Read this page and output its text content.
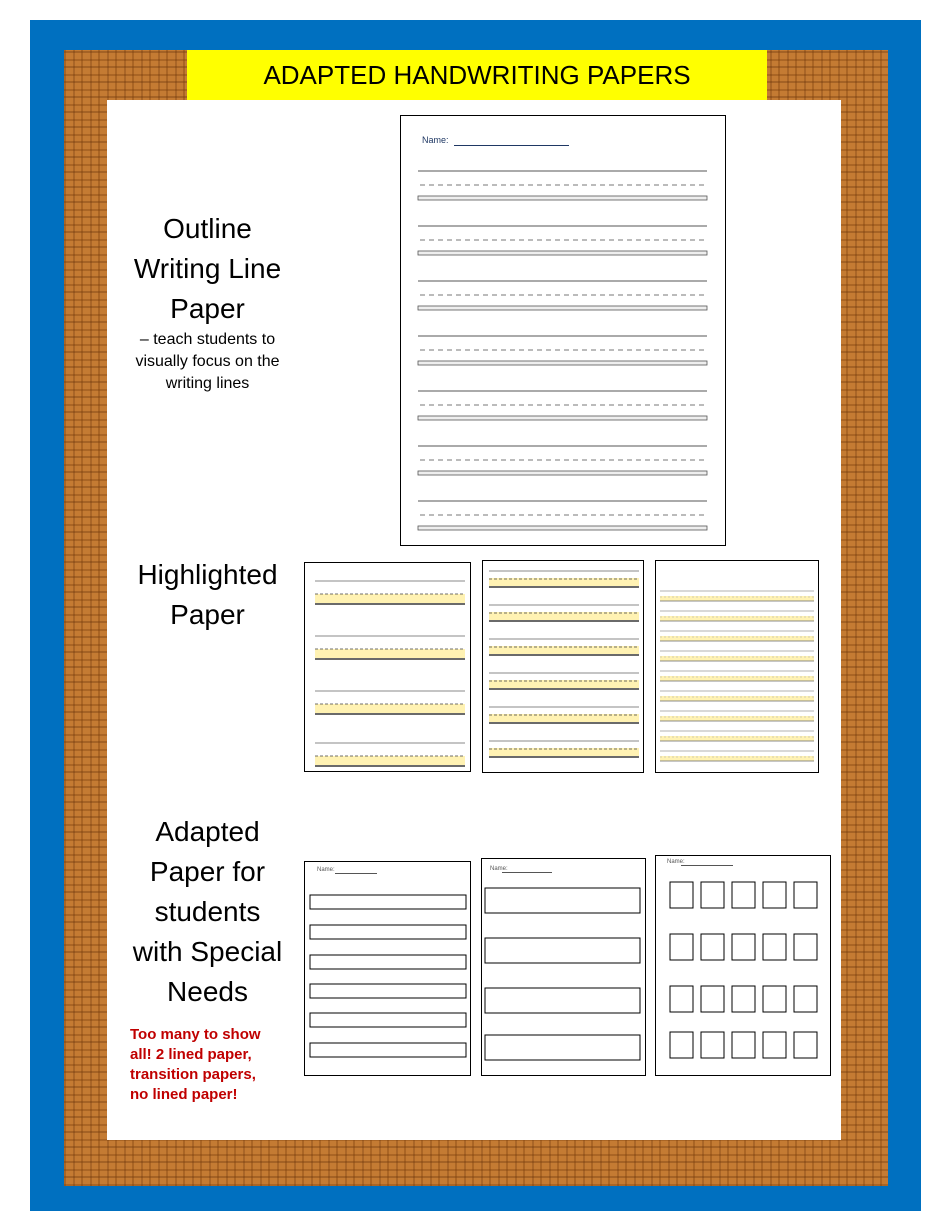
ADAPTED HANDWRITING PAPERS
Outline
Writing Line
Paper
– teach students to
visually focus on the
writing lines
Name:
Highlighted
Paper
Adapted
Paper for
students
with Special
Needs
Too many to show
all! 2 lined paper,
transition papers,
no lined paper!
Name:	Name:
Name:
